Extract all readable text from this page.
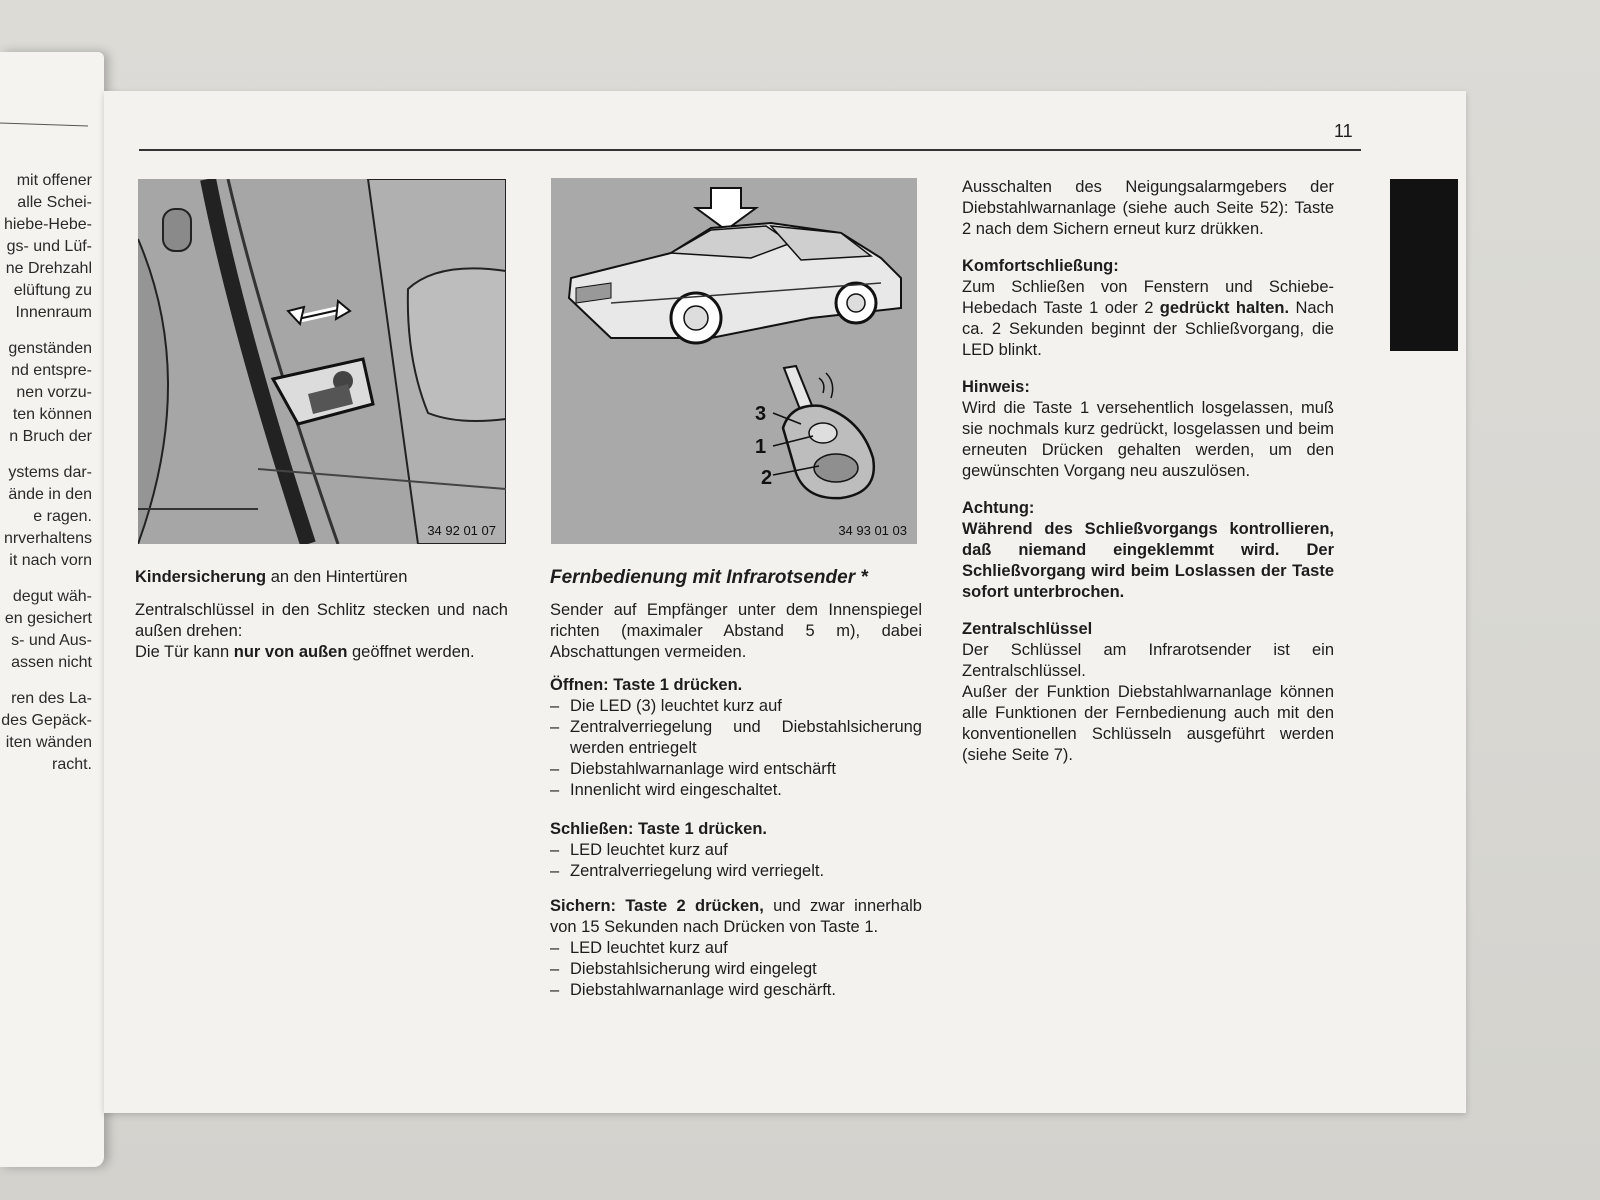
mit offener
alle Schei-
hiebe-Hebe-
gs- und Lüf-
ne Drehzahl
elüftung zu
Innenraum
genständen
nd entspre-
nen vorzu-
ten können
n Bruch der
ystems dar-
ände in den
e ragen.
nrverhaltens
it nach vorn
degut wäh-
en gesichert
s- und Aus-
assen nicht
ren des La-
des Gepäck-
iten wänden
racht.
11
34 92 01 07
3
1
2
34 93 01 03

Kindersicherung an den Hintertüren

Zentralschlüssel in den Schlitz stecken und nach außen drehen:

Die Tür kann nur von außen geöffnet werden.

Fernbedienung mit Infrarotsender *

Sender auf Empfänger unter dem Innenspiegel richten (maximaler Abstand 5 m), dabei Abschattungen vermeiden.

Öffnen: Taste 1 drücken.
– Die LED (3) leuchtet kurz auf
– Zentralverriegelung und Diebstahlsicherung werden entriegelt
– Diebstahlwarnanlage wird entschärft
– Innenlicht wird eingeschaltet.
Schließen: Taste 1 drücken.
– LED leuchtet kurz auf
– Zentralverriegelung wird verriegelt.

Sichern: Taste 2 drücken, und zwar innerhalb von 15 Sekunden nach Drücken von Taste 1.

– LED leuchtet kurz auf
– Diebstahlsicherung wird eingelegt
– Diebstahlwarnanlage wird geschärft.

Ausschalten des Neigungsalarmgebers der Diebstahlwarnanlage (siehe auch Seite 52): Taste 2 nach dem Sichern erneut kurz drükken.

Komfortschließung:

Zum Schließen von Fenstern und Schiebe-Hebedach Taste 1 oder 2 gedrückt halten. Nach ca. 2 Sekunden beginnt der Schließvorgang, die LED blinkt.

Hinweis:

Wird die Taste 1 versehentlich losgelassen, muß sie nochmals kurz gedrückt, losgelassen und beim erneuten Drücken gehalten werden, um den gewünschten Vorgang neu auszulösen.

Achtung:

Während des Schließvorgangs kontrollieren, daß niemand eingeklemmt wird. Der Schließvorgang wird beim Loslassen der Taste sofort unterbrochen.

Zentralschlüssel

Der Schlüssel am Infrarotsender ist ein Zentralschlüssel.

Außer der Funktion Diebstahlwarnanlage können alle Funktionen der Fernbedienung auch mit den konventionellen Schlüsseln ausgeführt werden (siehe Seite 7).
